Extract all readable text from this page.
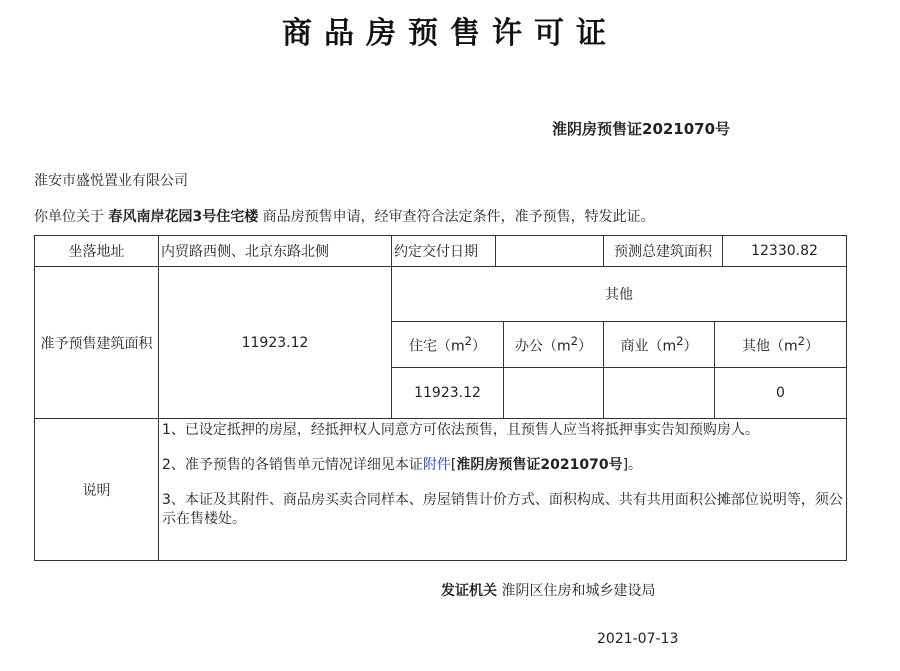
商品房预售许可证
淮阴房预售证2021070号
淮安市盛悦置业有限公司
你单位关于 春风南岸花园3号住宅楼 商品房预售申请，经审查符合法定条件，准予预售，特发此证。
坐落地址	内贸路西侧、北京东路北侧	约定交付日期			预测总建筑面积		12330.82
准予预售建筑面积	11923.12	其他					
		住宅$(m^2)$		办公$(m^2)$	商业$(m^2)$	其他$(m^2)$	
		11923.12				0	
说明	1、已设定抵押的房屋，经抵押权人同意方可依法预售，且预售人应当将抵押事实告知预购房人。

2、准予预售的各销售单元情况详细见本证附件[淮阴房预售证2021070号]。

3、本证及其附件、商品房买卖合同样本、房屋销售计价方式、面积构成、共有共用面积公摊部位说明等，须公示在售楼处。						

发证机关 淮阴区住房和城乡建设局
2021-07-13
